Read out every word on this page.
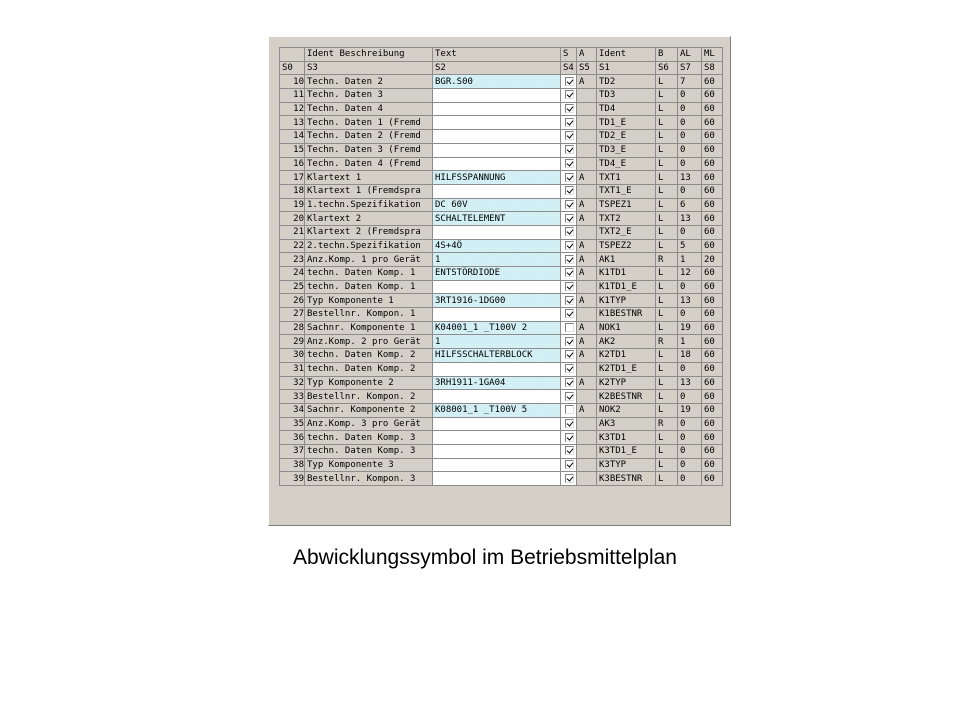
	Ident Beschreibung	Text	S	A	Ident	B	AL	ML
S0	S3	S2	S4	S5	S1	S6	S7	S8
10	Techn. Daten 2	BGR.S00		A	TD2	L	7	60
11	Techn. Daten 3				TD3	L	0	60
12	Techn. Daten 4				TD4	L	0	60
13	Techn. Daten 1 (Fremd				TD1_E	L	0	60
14	Techn. Daten 2 (Fremd				TD2_E	L	0	60
15	Techn. Daten 3 (Fremd				TD3_E	L	0	60
16	Techn. Daten 4 (Fremd				TD4_E	L	0	60
17	Klartext 1	HILFSSPANNUNG		A	TXT1	L	13	60
18	Klartext 1 (Fremdspra				TXT1_E	L	0	60
19	1.techn.Spezifikation	DC 60V		A	TSPEZ1	L	6	60
20	Klartext 2	SCHALTELEMENT		A	TXT2	L	13	60
21	Klartext 2 (Fremdspra				TXT2_E	L	0	60
22	2.techn.Spezifikation	4S+4Ö		A	TSPEZ2	L	5	60
23	Anz.Komp. 1 pro Gerät	1		A	AK1	R	1	20
24	techn. Daten Komp. 1	ENTSTÖRDIODE		A	K1TD1	L	12	60
25	techn. Daten Komp. 1				K1TD1_E	L	0	60
26	Typ Komponente 1	3RT1916-1DG00		A	K1TYP	L	13	60
27	Bestellnr. Kompon. 1				K1BESTNR	L	0	60
28	Sachnr. Komponente 1	K04001_1 _T100V 2		A	NOK1	L	19	60
29	Anz.Komp. 2 pro Gerät	1		A	AK2	R	1	60
30	techn. Daten Komp. 2	HILFSSCHALTERBLOCK		A	K2TD1	L	18	60
31	techn. Daten Komp. 2				K2TD1_E	L	0	60
32	Typ Komponente 2	3RH1911-1GA04		A	K2TYP	L	13	60
33	Bestellnr. Kompon. 2				K2BESTNR	L	0	60
34	Sachnr. Komponente 2	K08001_1 _T100V 5		A	NOK2	L	19	60
35	Anz.Komp. 3 pro Gerät				AK3	R	0	60
36	techn. Daten Komp. 3				K3TD1	L	0	60
37	techn. Daten Komp. 3				K3TD1_E	L	0	60
38	Typ Komponente 3				K3TYP	L	0	60
39	Bestellnr. Kompon. 3				K3BESTNR	L	0	60
Abwicklungssymbol im Betriebsmittelplan
